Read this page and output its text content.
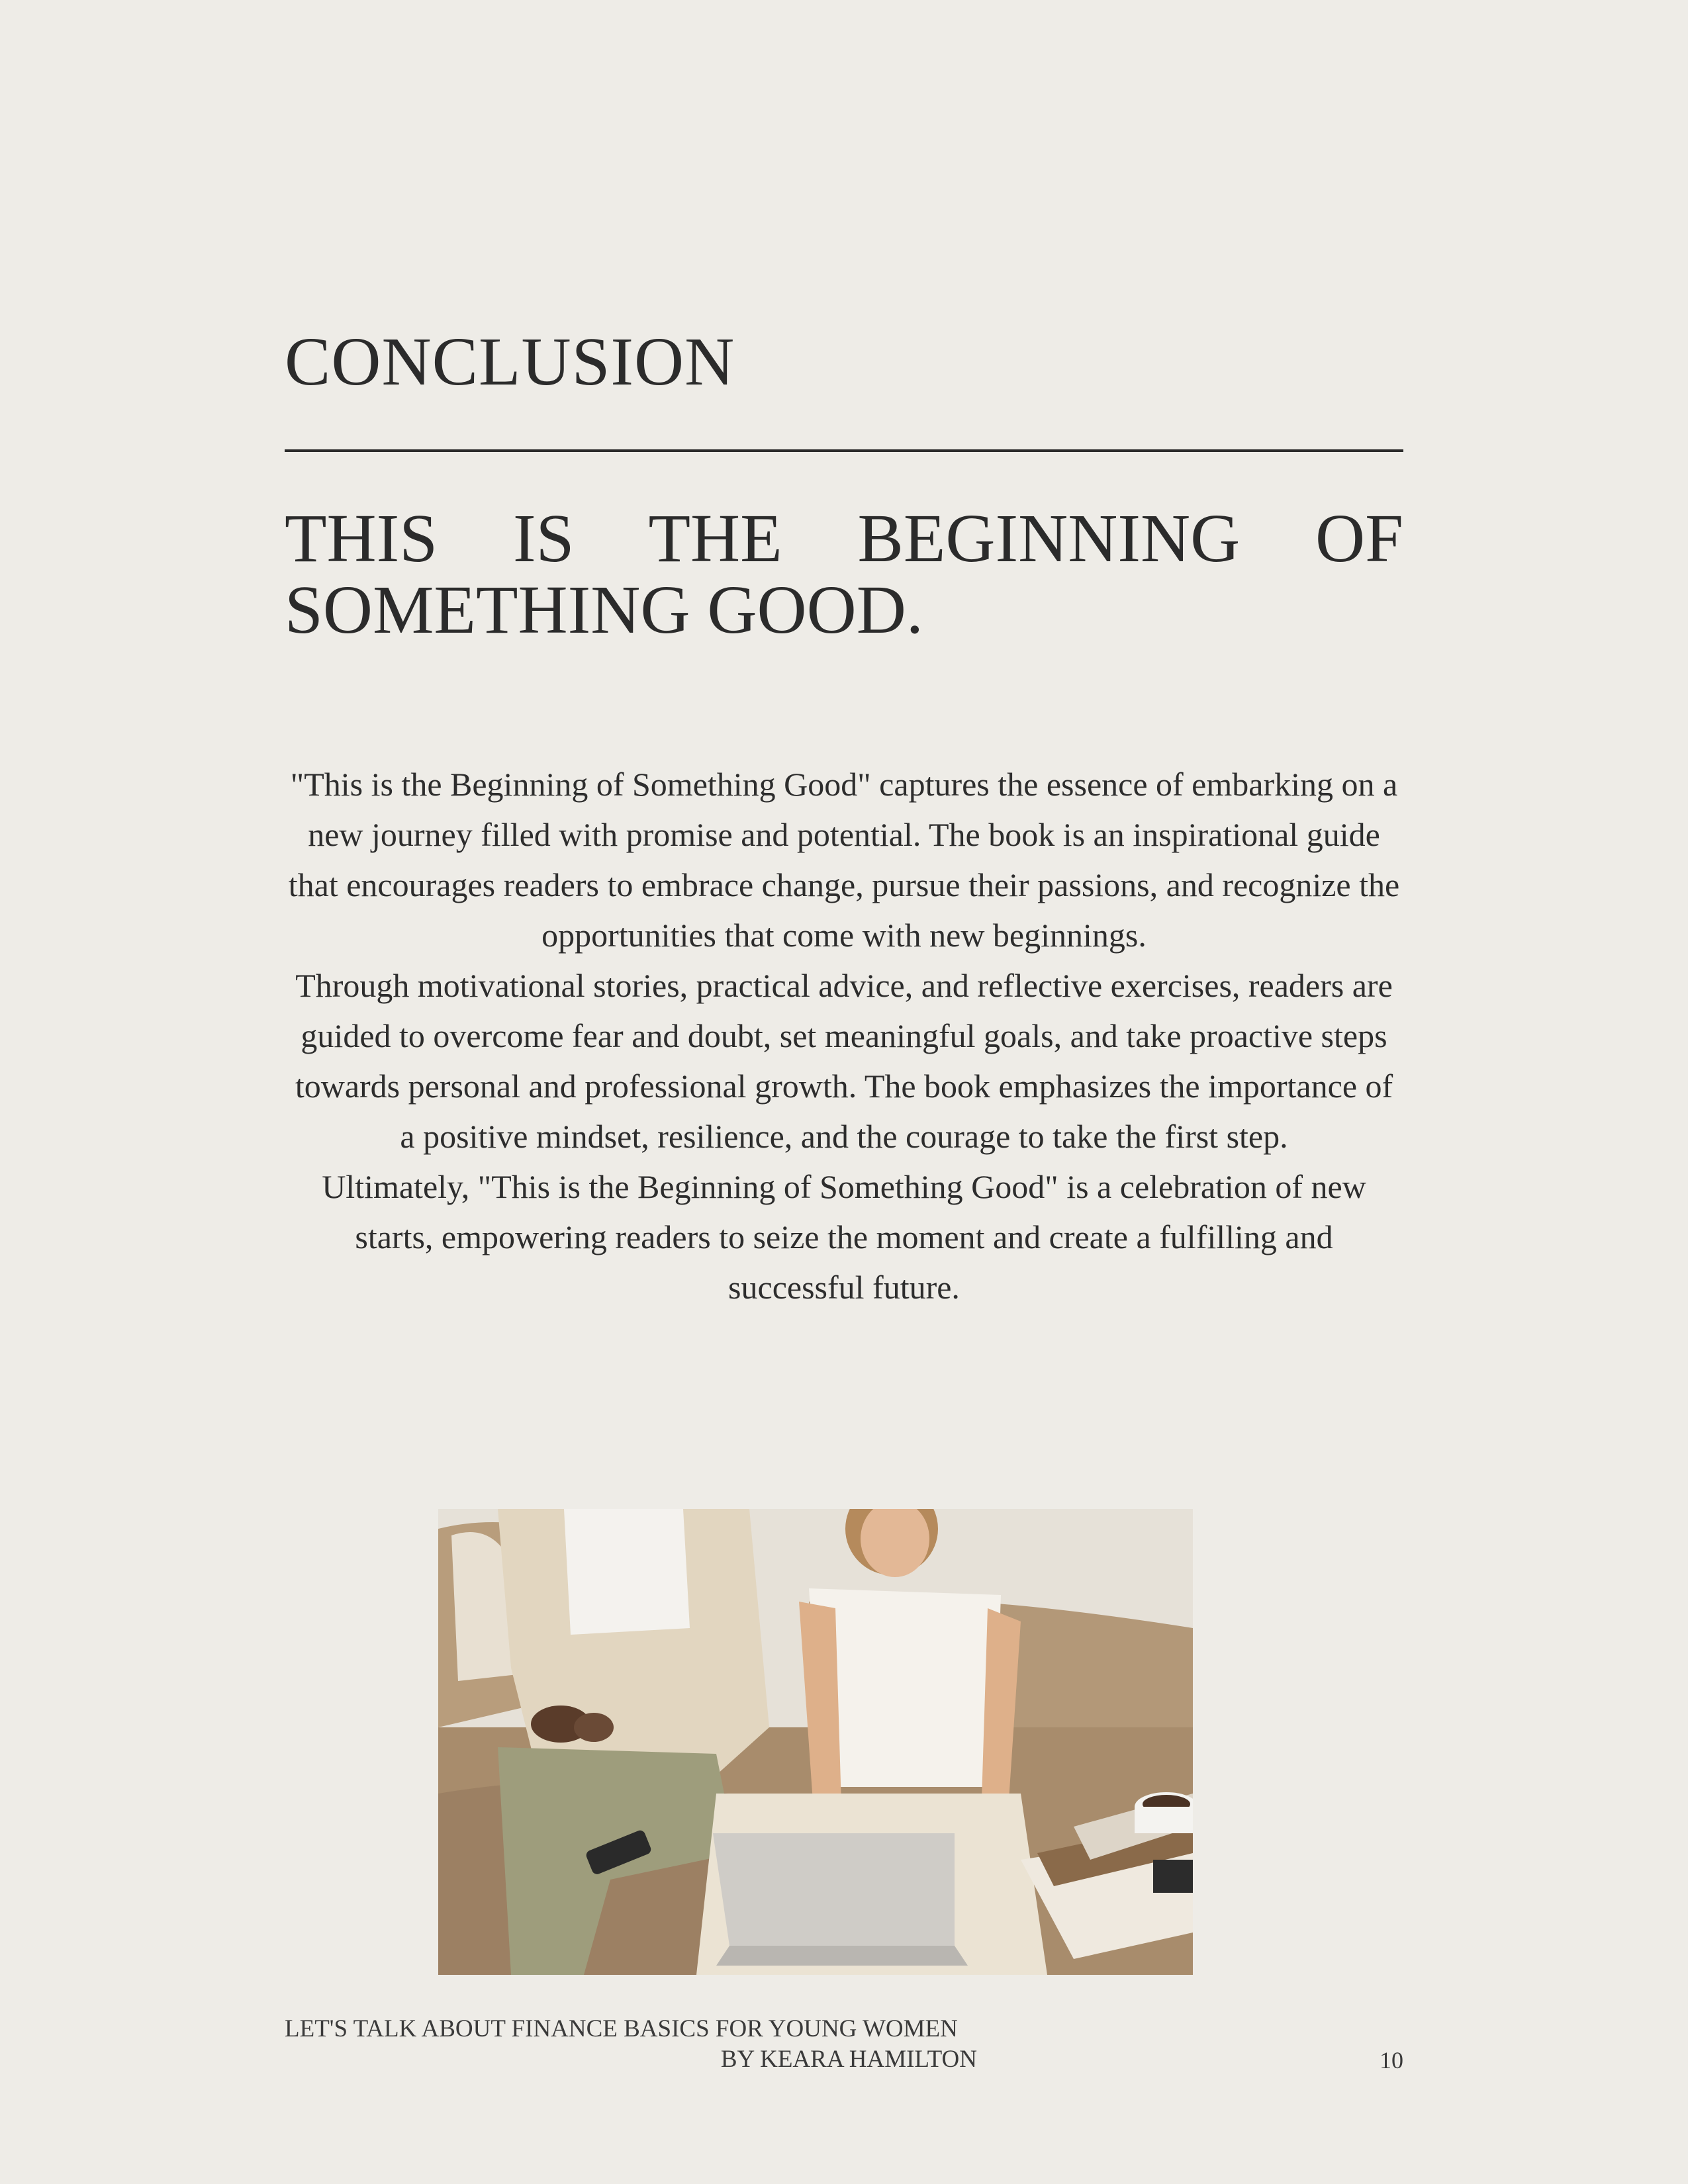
CONCLUSION
THIS IS THE BEGINNING OF SOMETHING GOOD.

"This is the Beginning of Something Good" captures the essence of embarking on a new journey filled with promise and potential. The book is an inspirational guide that encourages readers to embrace change, pursue their passions, and recognize the opportunities that come with new beginnings.

Through motivational stories, practical advice, and reflective exercises, readers are guided to overcome fear and doubt, set meaningful goals, and take proactive steps towards personal and professional growth. The book emphasizes the importance of a positive mindset, resilience, and the courage to take the first step.

Ultimately, "This is the Beginning of Something Good" is a celebration of new starts, empowering readers to seize the moment and create a fulfilling and successful future.

LET'S TALK ABOUT FINANCE BASICS FOR YOUNG WOMEN
BY KEARA HAMILTON	10
